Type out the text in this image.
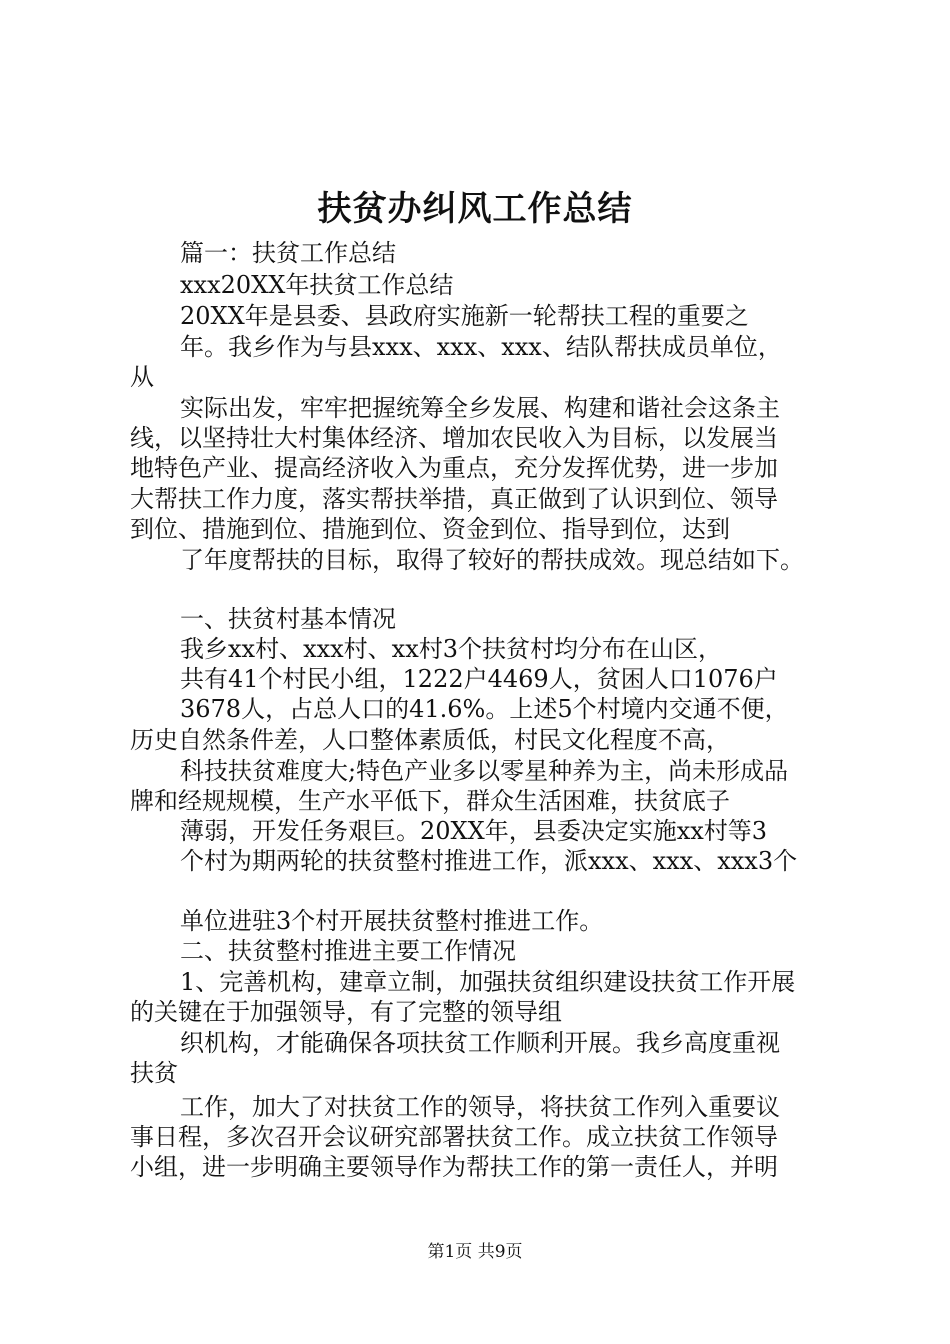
扶贫办纠风工作总结

篇一：扶贫工作总结

xxx20XX年扶贫工作总结

20XX年是县委、县政府实施新一轮帮扶工程的重要之

年。我乡作为与县xxx、xxx、xxx、结队帮扶成员单位，

从

实际出发，牢牢把握统筹全乡发展、构建和谐社会这条主

线，以坚持壮大村集体经济、增加农民收入为目标，以发展当

地特色产业、提高经济收入为重点，充分发挥优势，进一步加

大帮扶工作力度，落实帮扶举措，真正做到了认识到位、领导

到位、措施到位、措施到位、资金到位、指导到位，达到

了年度帮扶的目标，取得了较好的帮扶成效。现总结如下。

一、扶贫村基本情况

我乡xx村、xxx村、xx村3个扶贫村均分布在山区，

共有41个村民小组，1222户4469人，贫困人口1076户

3678人，占总人口的41.6%。上述5个村境内交通不便，

历史自然条件差，人口整体素质低，村民文化程度不高，

科技扶贫难度大;特色产业多以零星种养为主，尚未形成品

牌和经规规模，生产水平低下，群众生活困难，扶贫底子

薄弱，开发任务艰巨。20XX年，县委决定实施xx村等3

个村为期两轮的扶贫整村推进工作，派xxx、xxx、xxx3个

单位进驻3个村开展扶贫整村推进工作。

二、扶贫整村推进主要工作情况

1、完善机构，建章立制，加强扶贫组织建设扶贫工作开展

的关键在于加强领导，有了完整的领导组

织机构，才能确保各项扶贫工作顺利开展。我乡高度重视

扶贫

工作，加大了对扶贫工作的领导，将扶贫工作列入重要议

事日程，多次召开会议研究部署扶贫工作。成立扶贫工作领导

小组，进一步明确主要领导作为帮扶工作的第一责任人，并明

第1页 共9页
